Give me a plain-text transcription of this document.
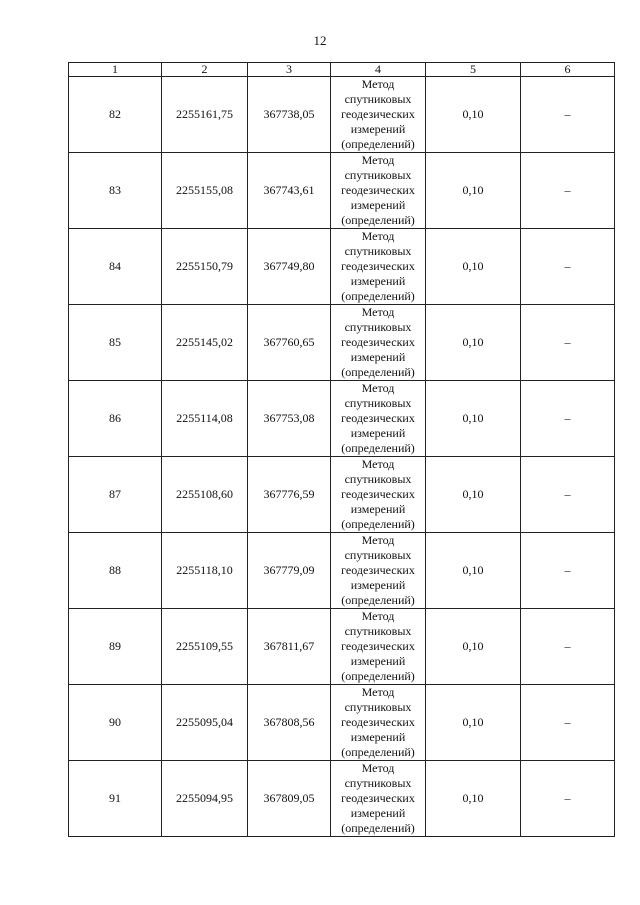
12
1	2	3	4	5	6
82	2255161,75	367738,05	Метод
спутниковых
геодезических
измерений
(определений)	0,10	–
83	2255155,08	367743,61	Метод
спутниковых
геодезических
измерений
(определений)	0,10	–
84	2255150,79	367749,80	Метод
спутниковых
геодезических
измерений
(определений)	0,10	–
85	2255145,02	367760,65	Метод
спутниковых
геодезических
измерений
(определений)	0,10	–
86	2255114,08	367753,08	Метод
спутниковых
геодезических
измерений
(определений)	0,10	–
87	2255108,60	367776,59	Метод
спутниковых
геодезических
измерений
(определений)	0,10	–
88	2255118,10	367779,09	Метод
спутниковых
геодезических
измерений
(определений)	0,10	–
89	2255109,55	367811,67	Метод
спутниковых
геодезических
измерений
(определений)	0,10	–
90	2255095,04	367808,56	Метод
спутниковых
геодезических
измерений
(определений)	0,10	–
91	2255094,95	367809,05	Метод
спутниковых
геодезических
измерений
(определений)	0,10	–
